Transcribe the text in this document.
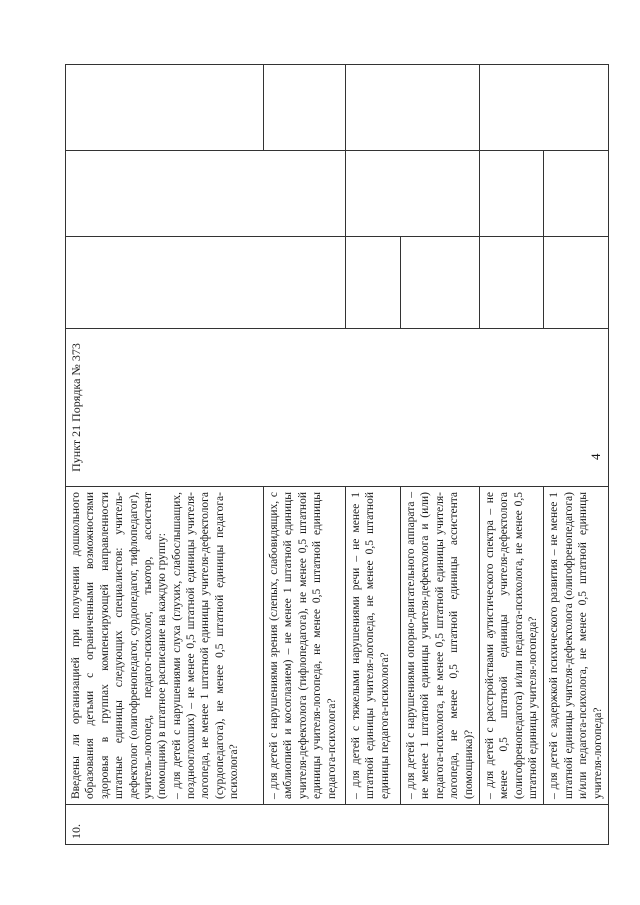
4
10.	Введены ли организацией при получении дошкольного образования детьми с ограниченными возможностями здоровья в группах компенсирующей направленности штатные единицы следующих специалистов: учитель-дефектолог (олигофренопедагог, сурдопедагог, тифлопедагог), учитель-логопед, педагог-психолог, тьютор, ассистент (помощник) в штатное расписание на каждую группу: – для детей с нарушениями слуха (глухих, слабослышащих, позднооглохших) – не менее 0,5 штатной единицы учителя-логопеда, не менее 1 штатной единицы учителя-дефектолога (сурдопедагога), не менее 0,5 штатной единицы педагога-психолога?	Пункт 21 Порядка № 373			
	– для детей с нарушениями зрения (слепых, слабовидящих, с амблиопией и косоглазием) – не менее 1 штатной единицы учителя-дефектолога (тифлопедагога), не менее 0,5 штатной единицы учителя-логопеда, не менее 0,5 штатной единицы педагога-психолога?				
	– для детей с тяжелыми нарушениями речи – не менее 1 штатной единицы учителя-логопеда, не менее 0,5 штатной единицы педагога-психолога?				
	– для детей с нарушениями опорно-двигательного аппарата – не менее 1 штатной единицы учителя-дефектолога и (или) педагога-психолога, не менее 0,5 штатной единицы учителя-логопеда, не менее 0,5 штатной единицы ассистента (помощника)?				
	– для детей с расстройствами аутистического спектра – не менее 0,5 штатной единицы учителя-дефектолога (олигофренопедагога) и/или педагога-психолога, не менее 0,5 штатной единицы учителя-логопеда?				
	– для детей с задержкой психического развития – не менее 1 штатной единицы учителя-дефектолога (олигофренопедагога) и/или педагога-психолога, не менее 0,5 штатной единицы учителя-логопеда?				
